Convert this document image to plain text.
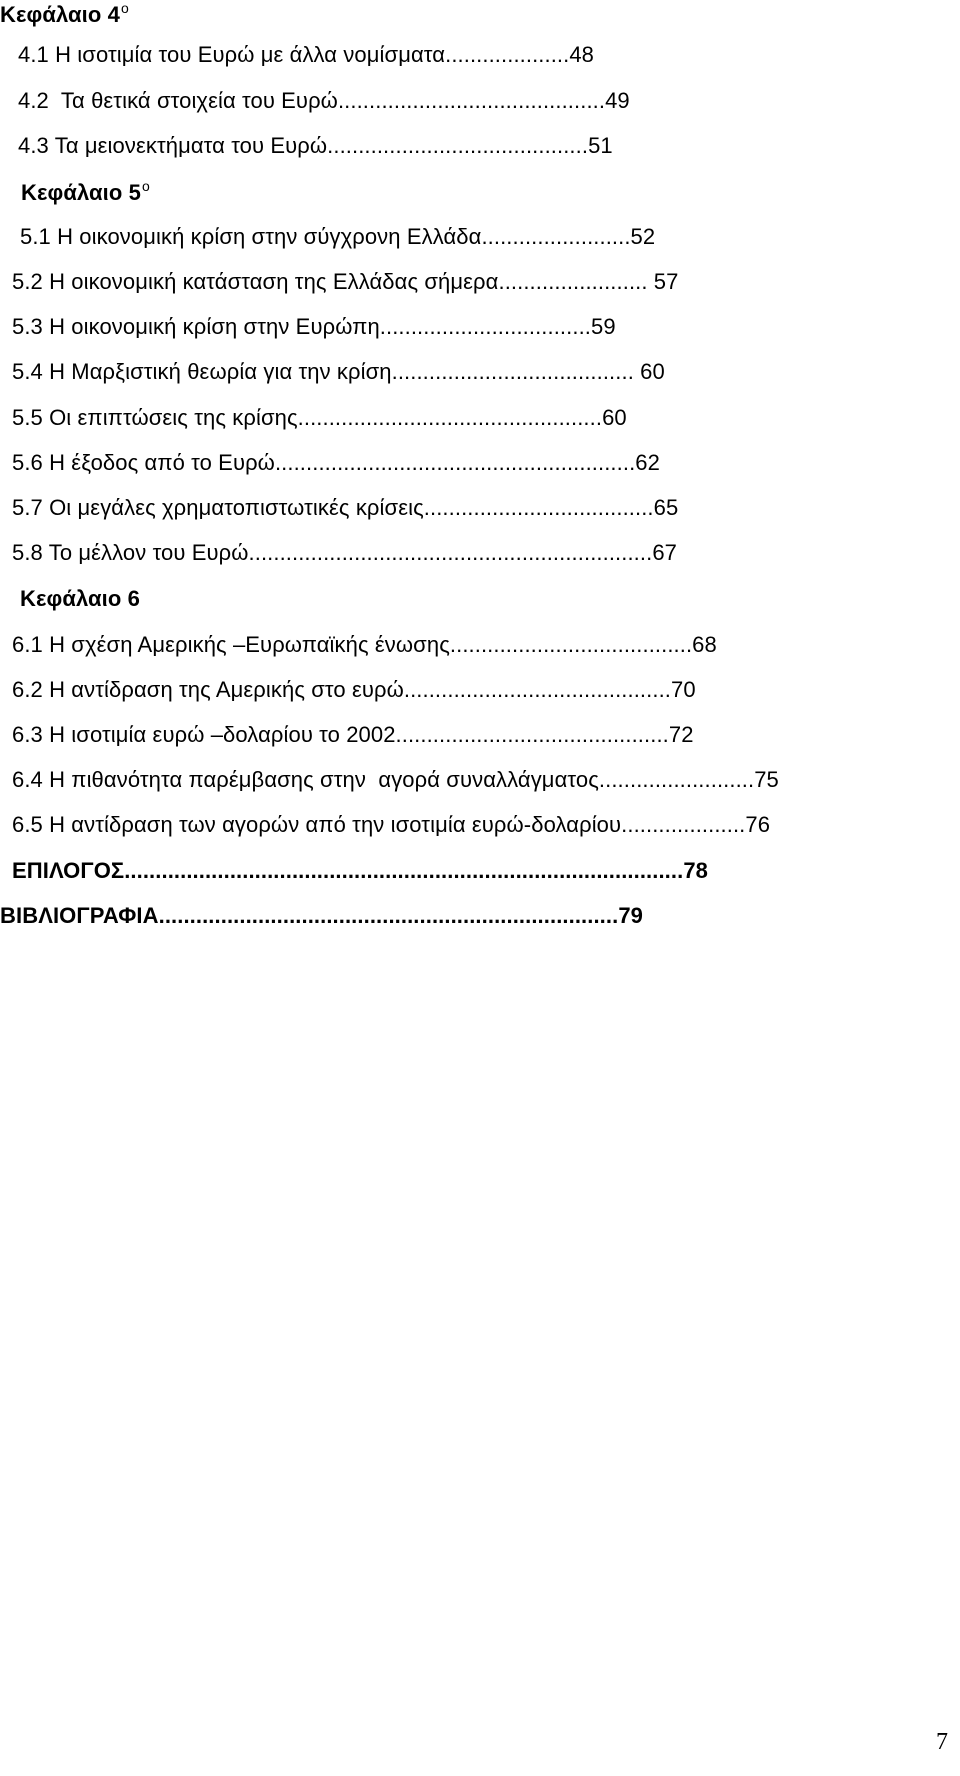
Κεφάλαιο $4^o$
4.1 Η ισοτιμία του Ευρώ με άλλα νομίσματα....................48
4.2  Τα θετικά στοιχεία του Ευρώ...........................................49
4.3 Τα μειονεκτήματα του Ευρώ..........................................51
Κεφάλαιο $5^o$
5.1 Η οικονομική κρίση στην σύγχρονη Ελλάδα........................52
5.2 Η οικονομική κατάσταση της Ελλάδας σήμερα........................ 57
5.3 Η οικονομική κρίση στην Ευρώπη..................................59
5.4 Η Μαρξιστική θεωρία για την κρίση....................................... 60
5.5 Οι επιπτώσεις της κρίσης.................................................60
5.6 Η έξοδος από το Ευρώ..........................................................62
5.7 Οι μεγάλες χρηματοπιστωτικές κρίσεις.....................................65
5.8 Το μέλλον του Ευρώ.................................................................67
Κεφάλαιο 6
6.1 Η σχέση Αμερικής –Ευρωπαϊκής ένωσης.......................................68
6.2 Η αντίδραση της Αμερικής στο ευρώ...........................................70
6.3 Η ισοτιμία ευρώ –δολαρίου το 2002............................................72
6.4 Η πιθανότητα παρέμβασης στην  αγορά συναλλάγματος.........................75
6.5 Η αντίδραση των αγορών από την ισοτιμία ευρώ-δολαρίου....................76
ΕΠΙΛΟΓΟΣ..........................................................................................78
ΒΙΒΛΙΟΓΡΑΦΙΑ..........................................................................79
7
